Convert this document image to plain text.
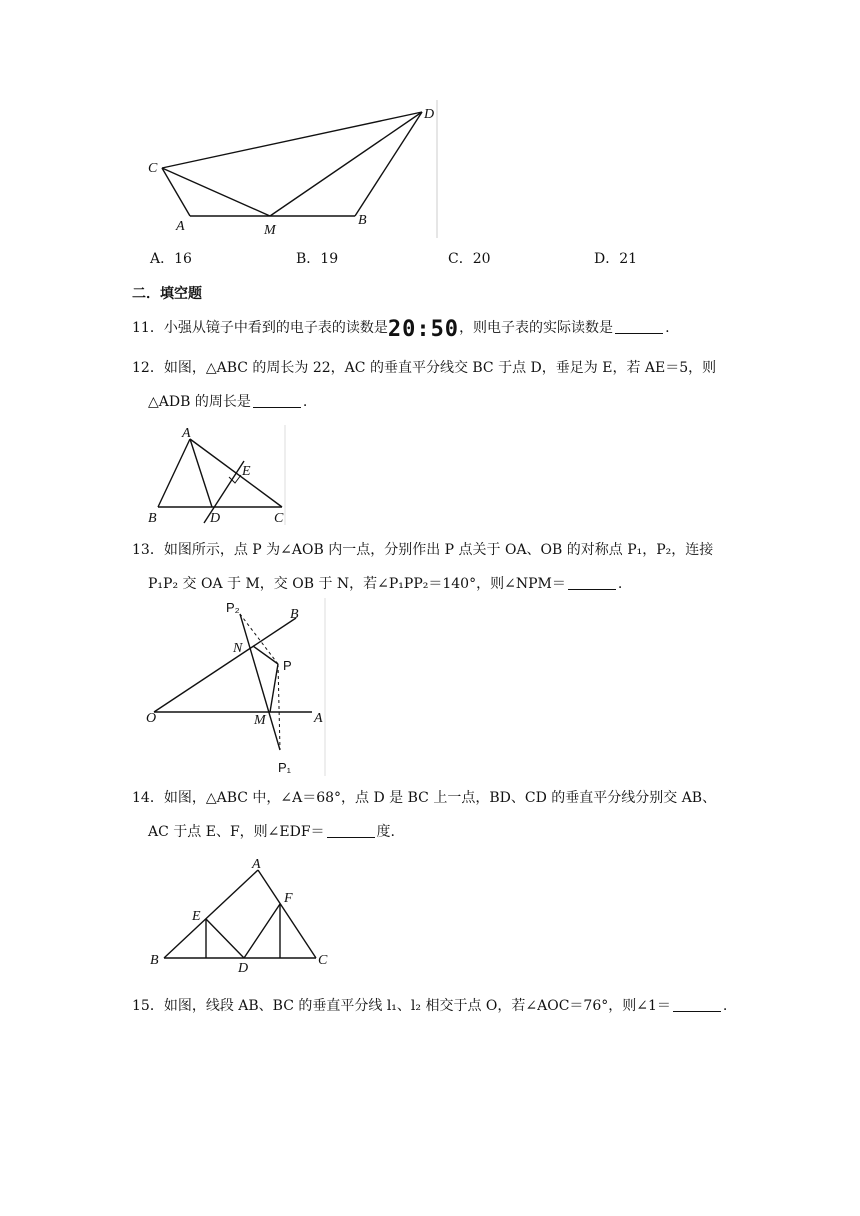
C
D
A	M
B
A．16	B．19	C．20	D．21
二．填空题
11．小强从镜子中看到的电子表的读数是20:50，则电子表的实际读数是	.
12．如图，△ABC 的周长为 22，AC 的垂直平分线交 BC 于点 D，垂足为 E，若 AE＝5，则
△ADB 的周长是	.
A
E
B	D	C
13．如图所示，点 P 为∠AOB 内一点，分别作出 P 点关于 OA、OB 的对称点 P₁，P₂，连接
P₁P₂ 交 OA 于 M，交 OB 于 N，若∠P₁PP₂＝140°，则∠NPM＝	.
P₂	B
N
P
O	M	A
P₁
14．如图，△ABC 中，∠A＝68°，点 D 是 BC 上一点，BD、CD 的垂直平分线分别交 AB、
AC 于点 E、F，则∠EDF＝	度.
A
E
F
B
D
C
15．如图，线段 AB、BC 的垂直平分线 l₁、l₂ 相交于点 O，若∠AOC＝76°，则∠1＝	.
